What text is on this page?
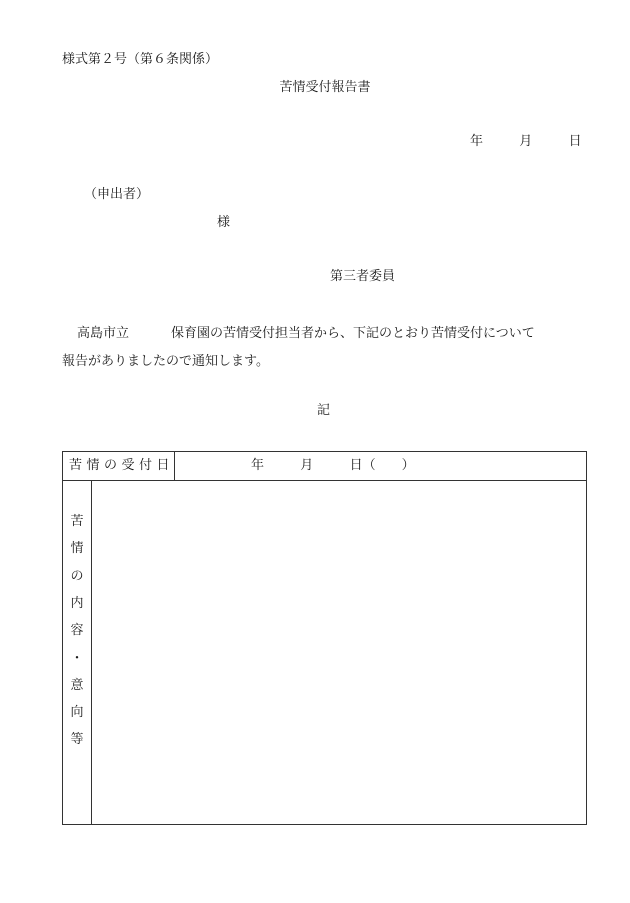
様式第２号（第６条関係）
苦情受付報告書
年	月	日
（申出者）
様
第三者委員
高島市立	保育園の苦情受付担当者から、下記のとおり苦情受付について
報告がありましたので通知します。
記
苦情の受付日	年	月	日（　　）
苦
情
の
内
容
・
意
向
等
